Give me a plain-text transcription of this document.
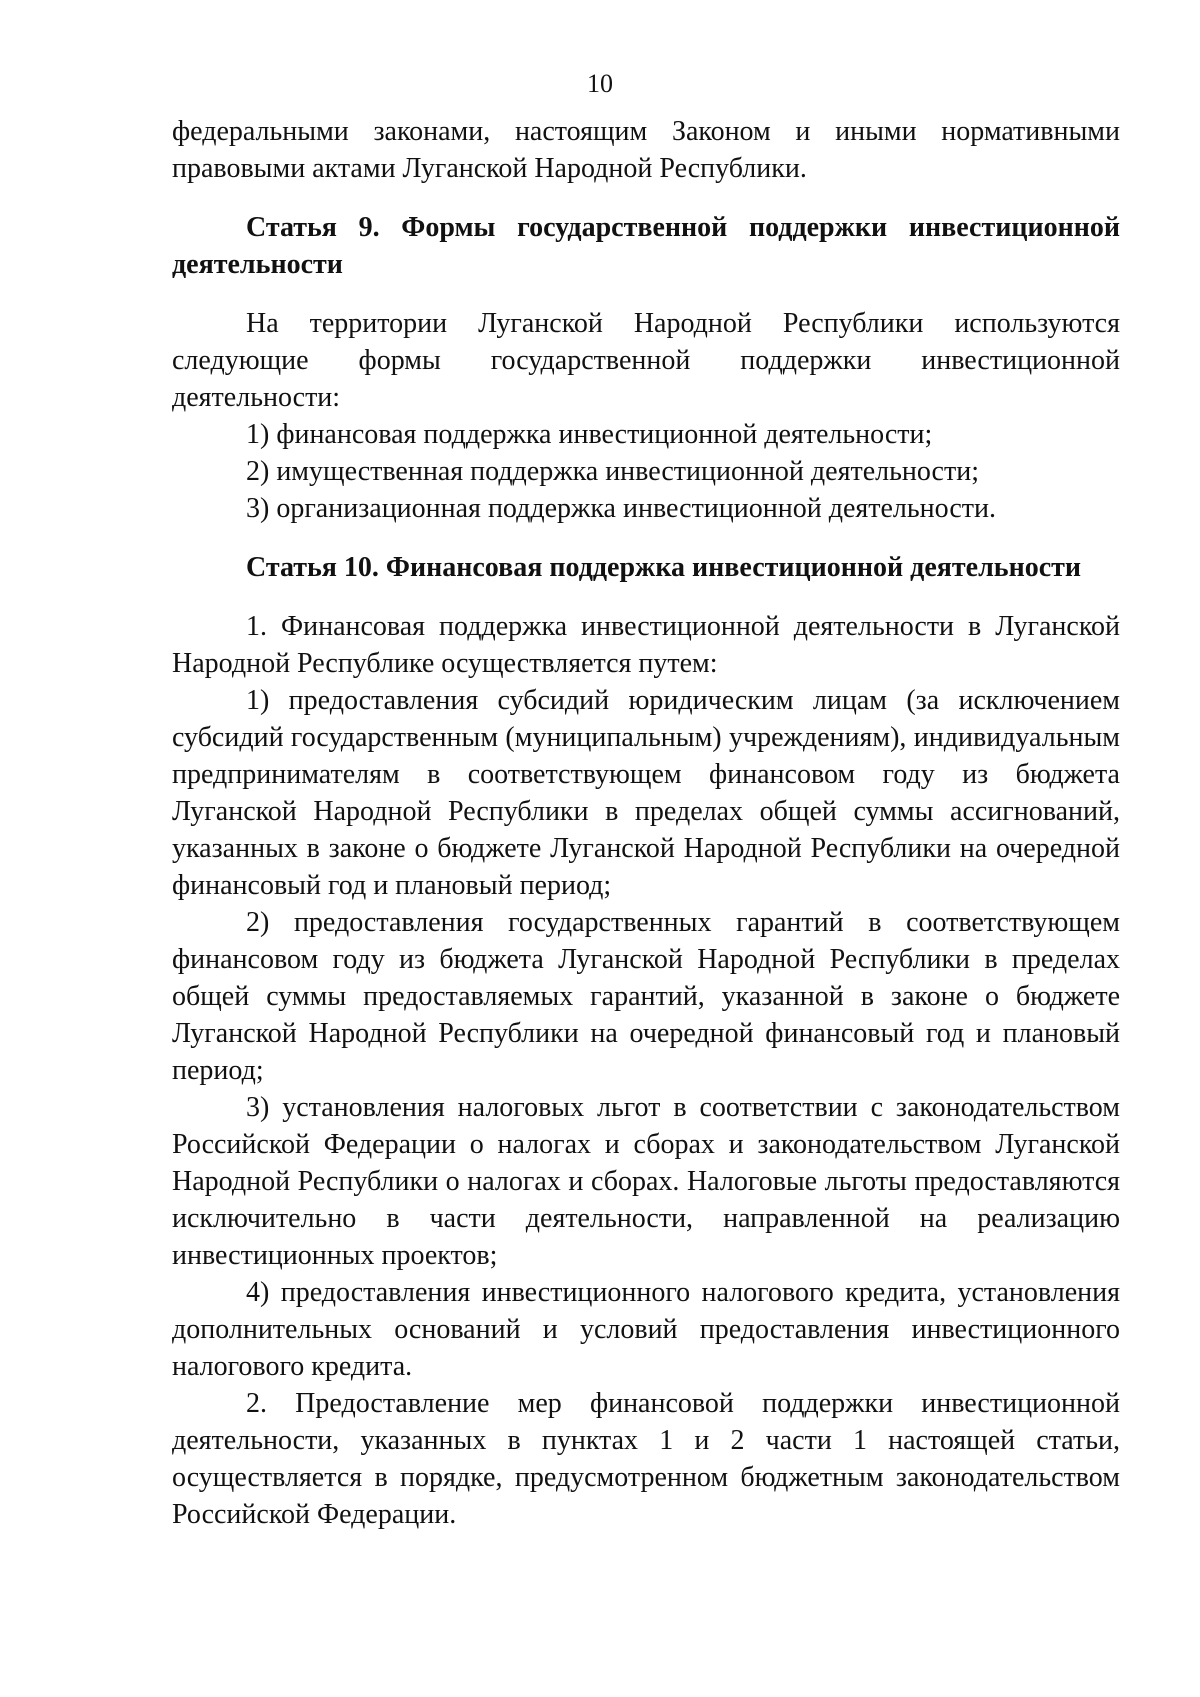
10

федеральными законами, настоящим Законом и иными нормативными правовыми актами Луганской Народной Республики.

Статья 9. Формы государственной поддержки инвестиционной деятельности

На территории Луганской Народной Республики используются следующие формы государственной поддержки инвестиционной деятельности:

1) финансовая поддержка инвестиционной деятельности;

2) имущественная поддержка инвестиционной деятельности;

3) организационная поддержка инвестиционной деятельности.

Статья 10. Финансовая поддержка инвестиционной деятельности

1. Финансовая поддержка инвестиционной деятельности в Луганской Народной Республике осуществляется путем:

1) предоставления субсидий юридическим лицам (за исключением субсидий государственным (муниципальным) учреждениям), индивидуальным предпринимателям в соответствующем финансовом году из бюджета Луганской Народной Республики в пределах общей суммы ассигнований, указанных в законе о бюджете Луганской Народной Республики на очередной финансовый год и плановый период;

2) предоставления государственных гарантий в соответствующем финансовом году из бюджета Луганской Народной Республики в пределах общей суммы предоставляемых гарантий, указанной в законе о бюджете Луганской Народной Республики на очередной финансовый год и плановый период;

3) установления налоговых льгот в соответствии с законодательством Российской Федерации о налогах и сборах и законодательством Луганской Народной Республики о налогах и сборах. Налоговые льготы предоставляются исключительно в части деятельности, направленной на реализацию инвестиционных проектов;

4) предоставления инвестиционного налогового кредита, установления дополнительных оснований и условий предоставления инвестиционного налогового кредита.

2. Предоставление мер финансовой поддержки инвестиционной деятельности, указанных в пунктах 1 и 2 части 1 настоящей статьи, осуществляется в порядке, предусмотренном бюджетным законодательством Российской Федерации.
